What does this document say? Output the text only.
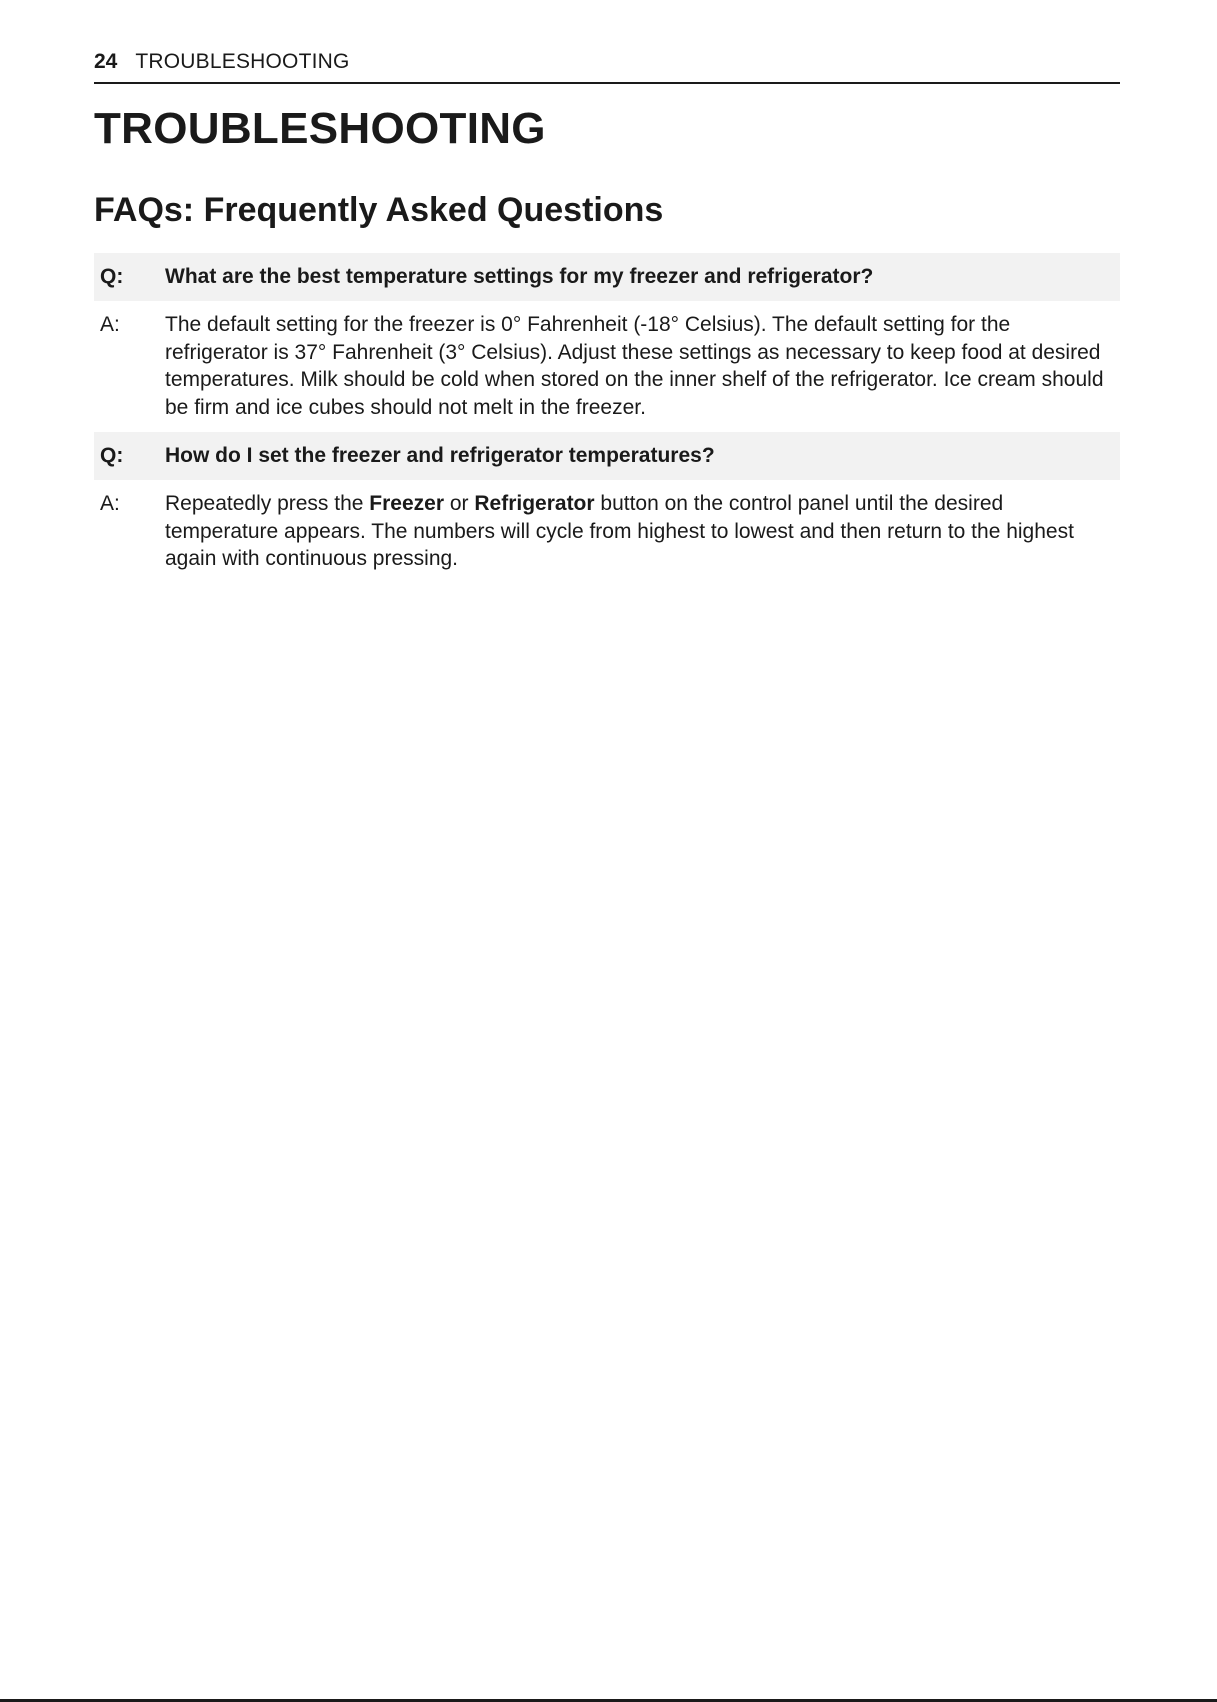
24 TROUBLESHOOTING
TROUBLESHOOTING
FAQs: Frequently Asked Questions
Q:	What are the best temperature settings for my freezer and refrigerator?
A:	The default setting for the freezer is 0° Fahrenheit (-18° Celsius). The default setting for the refrigerator is 37° Fahrenheit (3° Celsius). Adjust these settings as necessary to keep food at desired temperatures. Milk should be cold when stored on the inner shelf of the refrigerator. Ice cream should be firm and ice cubes should not melt in the freezer.
Q:	How do I set the freezer and refrigerator temperatures?
A:	Repeatedly press the Freezer or Refrigerator button on the control panel until the desired temperature appears. The numbers will cycle from highest to lowest and then return to the highest again with continuous pressing.
